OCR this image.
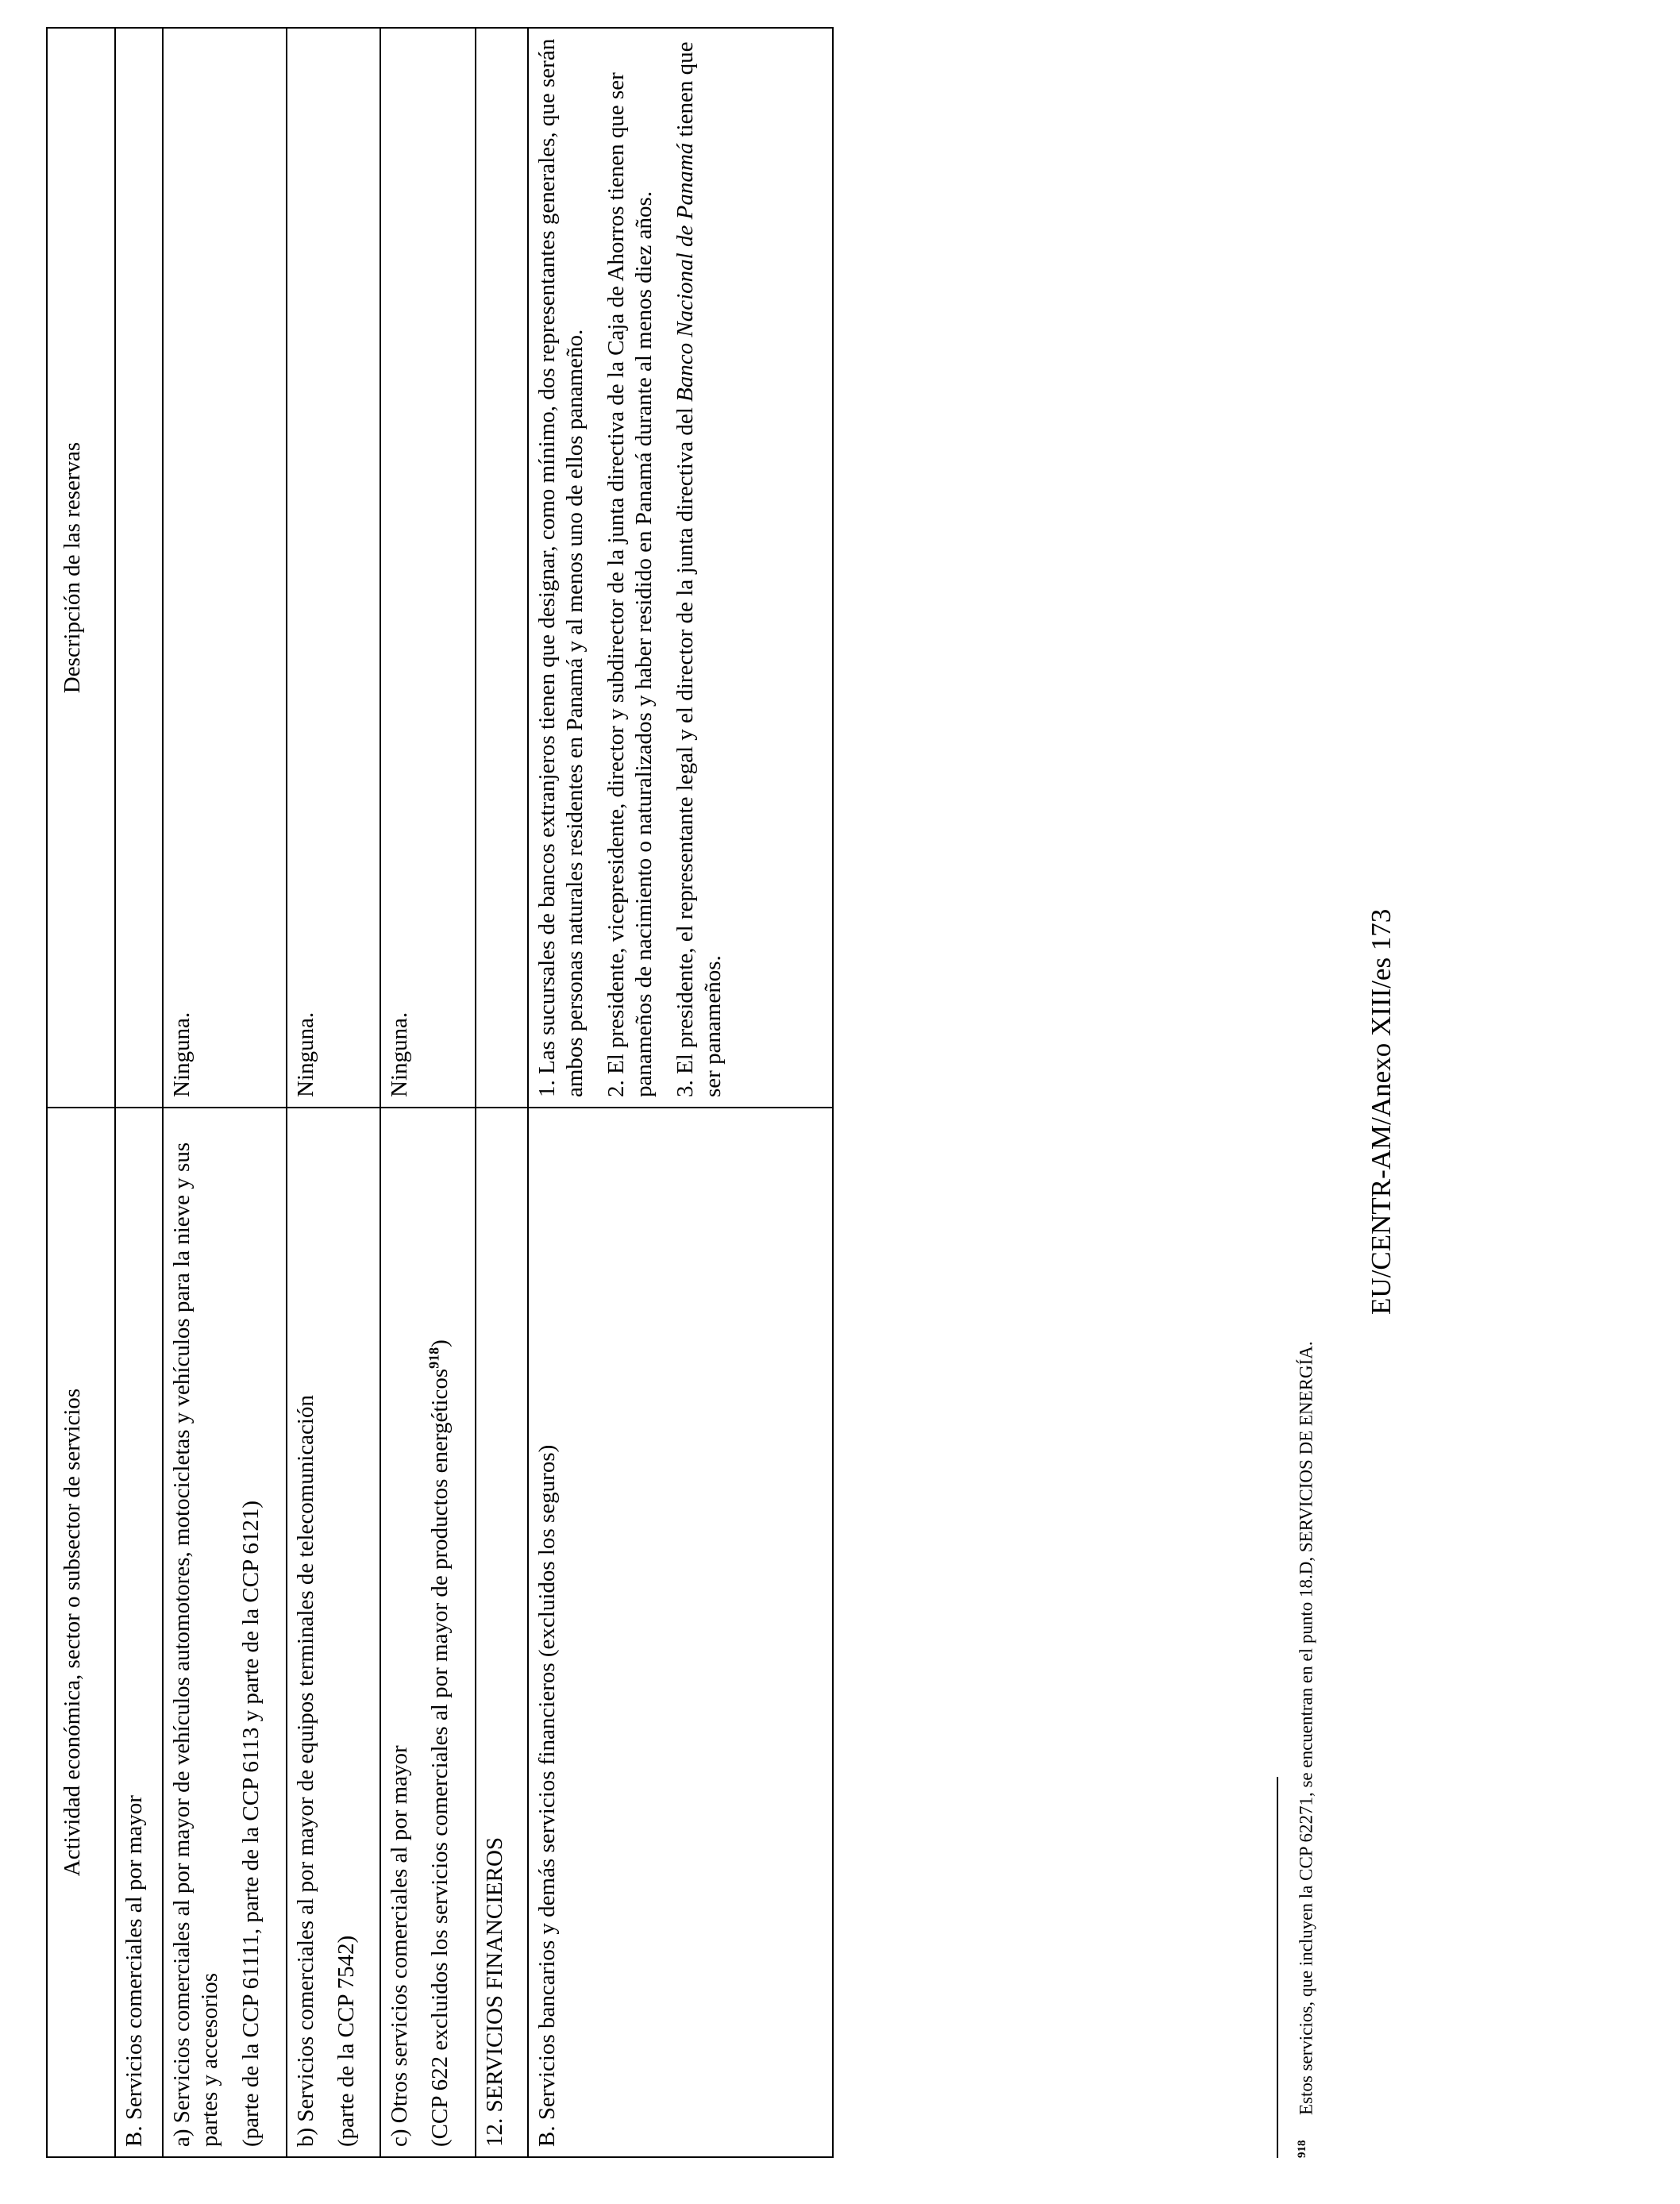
Actividad económica, sector o subsector de servicios	Descripción de las reservas
B. Servicios comerciales al por mayor	

a) Servicios comerciales al por mayor de vehículos automotores, motocicletas y vehículos para la nieve y sus partes y accesorios (parte de la CCP 61111, parte de la CCP 6113 y parte de la CCP 6121)	Ninguna.

b) Servicios comerciales al por mayor de equipos terminales de telecomunicación (parte de la CCP 7542)	Ninguna.

c) Otros servicios comerciales al por mayor (CCP 622 excluidos los servicios comerciales al por mayor de productos energéticos$^{918}$)	Ninguna.
12. SERVICIOS FINANCIEROS	
B. Servicios bancarios y demás servicios financieros (excluidos los seguros)	1. Las sucursales de bancos extranjeros tienen que designar, como mínimo, dos representantes generales, que serán ambos personas naturales residentes en Panamá y al menos uno de ellos panameño. 2. El presidente, vicepresidente, director y subdirector de la junta directiva de la Caja de Ahorros tienen que ser panameños de nacimiento o naturalizados y haber residido en Panamá durante al menos diez años. 3. El presidente, el representante legal y el director de la junta directiva del Banco Nacional de Panamá tienen que ser panameños.

918Estos servicios, que incluyen la CCP 62271, se encuentran en el punto 18.D, SERVICIOS DE ENERGÍA.
EU/CENTR-AM/Anexo XIII/es 173
